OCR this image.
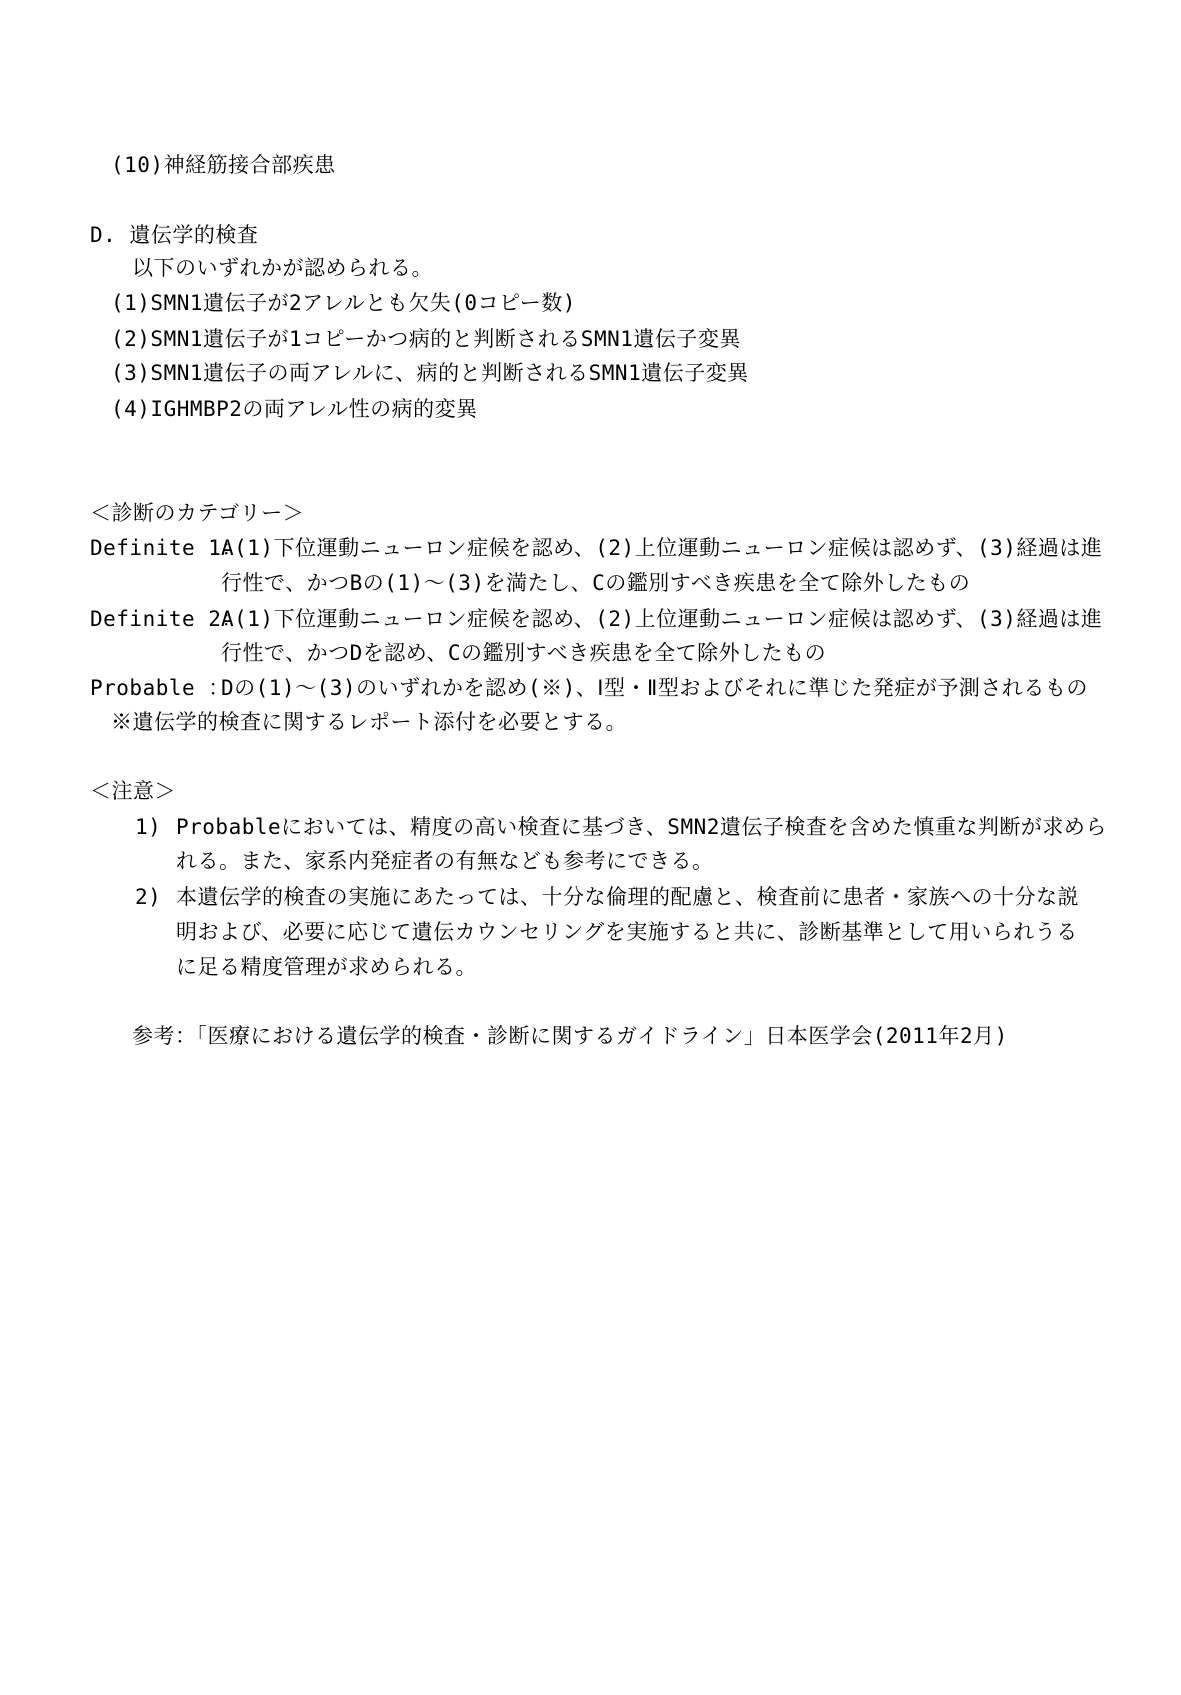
(10)神経筋接合部疾患
D. 遺伝学的検査
以下のいずれかが認められる。
(1)SMN1遺伝子が2アレルとも欠失(0コピー数)
(2)SMN1遺伝子が1コピーかつ病的と判断されるSMN1遺伝子変異
(3)SMN1遺伝子の両アレルに、病的と判断されるSMN1遺伝子変異
(4)IGHMBP2の両アレル性の病的変異
＜診断のカテゴリー＞
Definite 1：
A(1)下位運動ニューロン症候を認め、(2)上位運動ニューロン症候は認めず、(3)経過は進
行性で、かつBの(1)～(3)を満たし、Cの鑑別すべき疾患を全て除外したもの
Definite 2：
A(1)下位運動ニューロン症候を認め、(2)上位運動ニューロン症候は認めず、(3)経過は進
行性で、かつDを認め、Cの鑑別すべき疾患を全て除外したもの
Probable ：
Dの(1)～(3)のいずれかを認め(※)、Ⅰ型・Ⅱ型およびそれに準じた発症が予測されるもの
※遺伝学的検査に関するレポート添付を必要とする。
＜注意＞
1) Probableにおいては、精度の高い検査に基づき、SMN2遺伝子検査を含めた慎重な判断が求めら
れる。また、家系内発症者の有無なども参考にできる。
2) 本遺伝学的検査の実施にあたっては、十分な倫理的配慮と、検査前に患者・家族への十分な説
明および、必要に応じて遺伝カウンセリングを実施すると共に、診断基準として用いられうる
に足る精度管理が求められる。
参考：「医療における遺伝学的検査・診断に関するガイドライン」日本医学会(2011年2月)
